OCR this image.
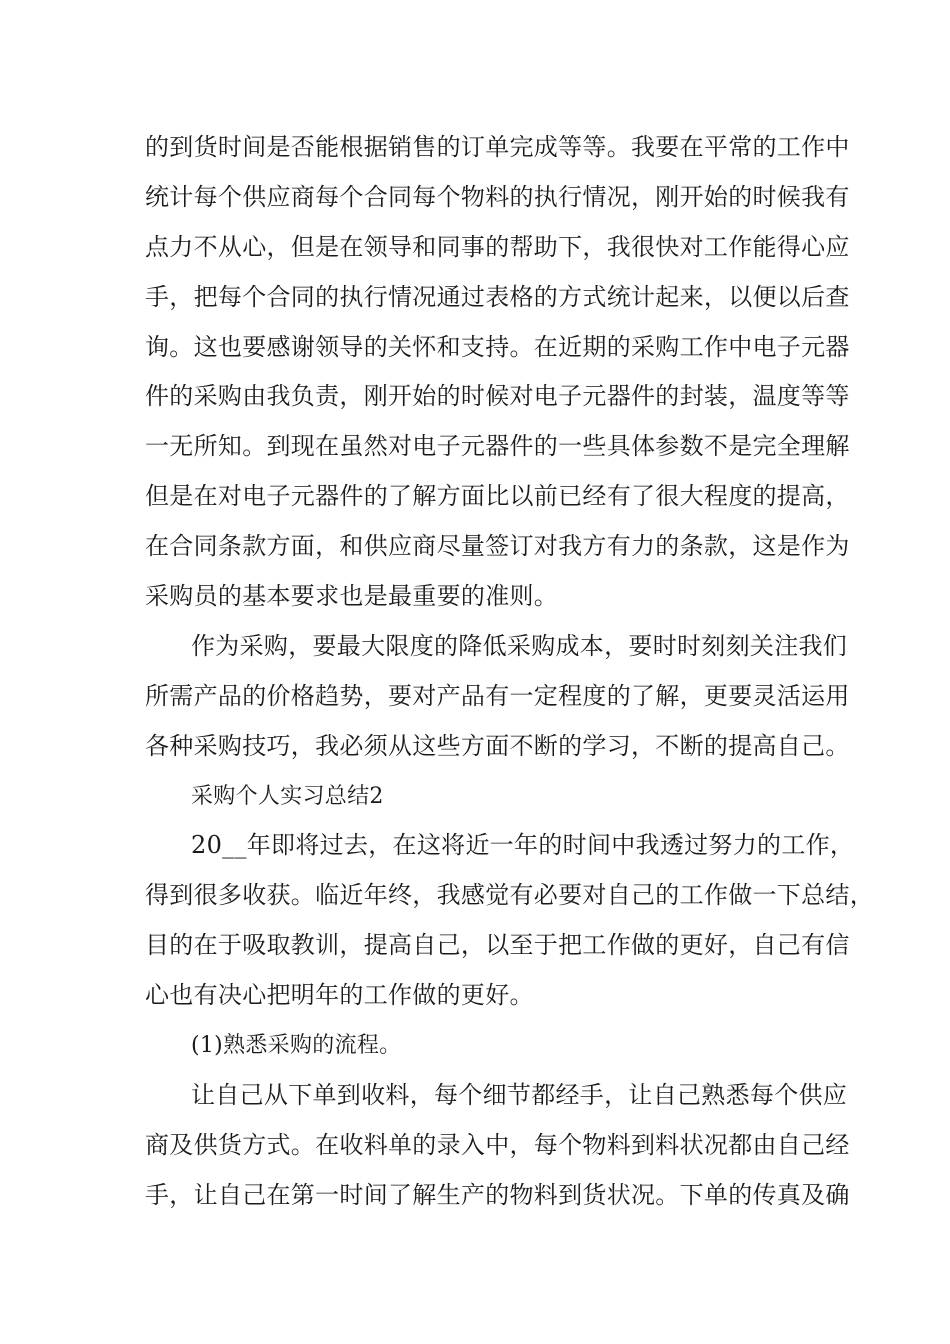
的到货时间是否能根据销售的订单完成等等。我要在平常的工作中
统计每个供应商每个合同每个物料的执行情况，刚开始的时候我有
点力不从心，但是在领导和同事的帮助下，我很快对工作能得心应
手，把每个合同的执行情况通过表格的方式统计起来，以便以后查
询。这也要感谢领导的关怀和支持。在近期的采购工作中电子元器
件的采购由我负责，刚开始的时候对电子元器件的封装，温度等等
一无所知。到现在虽然对电子元器件的一些具体参数不是完全理解
但是在对电子元器件的了解方面比以前已经有了很大程度的提高，
在合同条款方面，和供应商尽量签订对我方有力的条款，这是作为
采购员的基本要求也是最重要的准则。
作为采购，要最大限度的降低采购成本，要时时刻刻关注我们
所需产品的价格趋势，要对产品有一定程度的了解，更要灵活运用
各种采购技巧，我必须从这些方面不断的学习，不断的提高自己。
采购个人实习总结2
20__年即将过去，在这将近一年的时间中我透过努力的工作，
得到很多收获。临近年终，我感觉有必要对自己的工作做一下总结，
目的在于吸取教训，提高自己，以至于把工作做的更好，自己有信
心也有决心把明年的工作做的更好。
(1)熟悉采购的流程。
让自己从下单到收料，每个细节都经手，让自己熟悉每个供应
商及供货方式。在收料单的录入中，每个物料到料状况都由自己经
手，让自己在第一时间了解生产的物料到货状况。下单的传真及确
